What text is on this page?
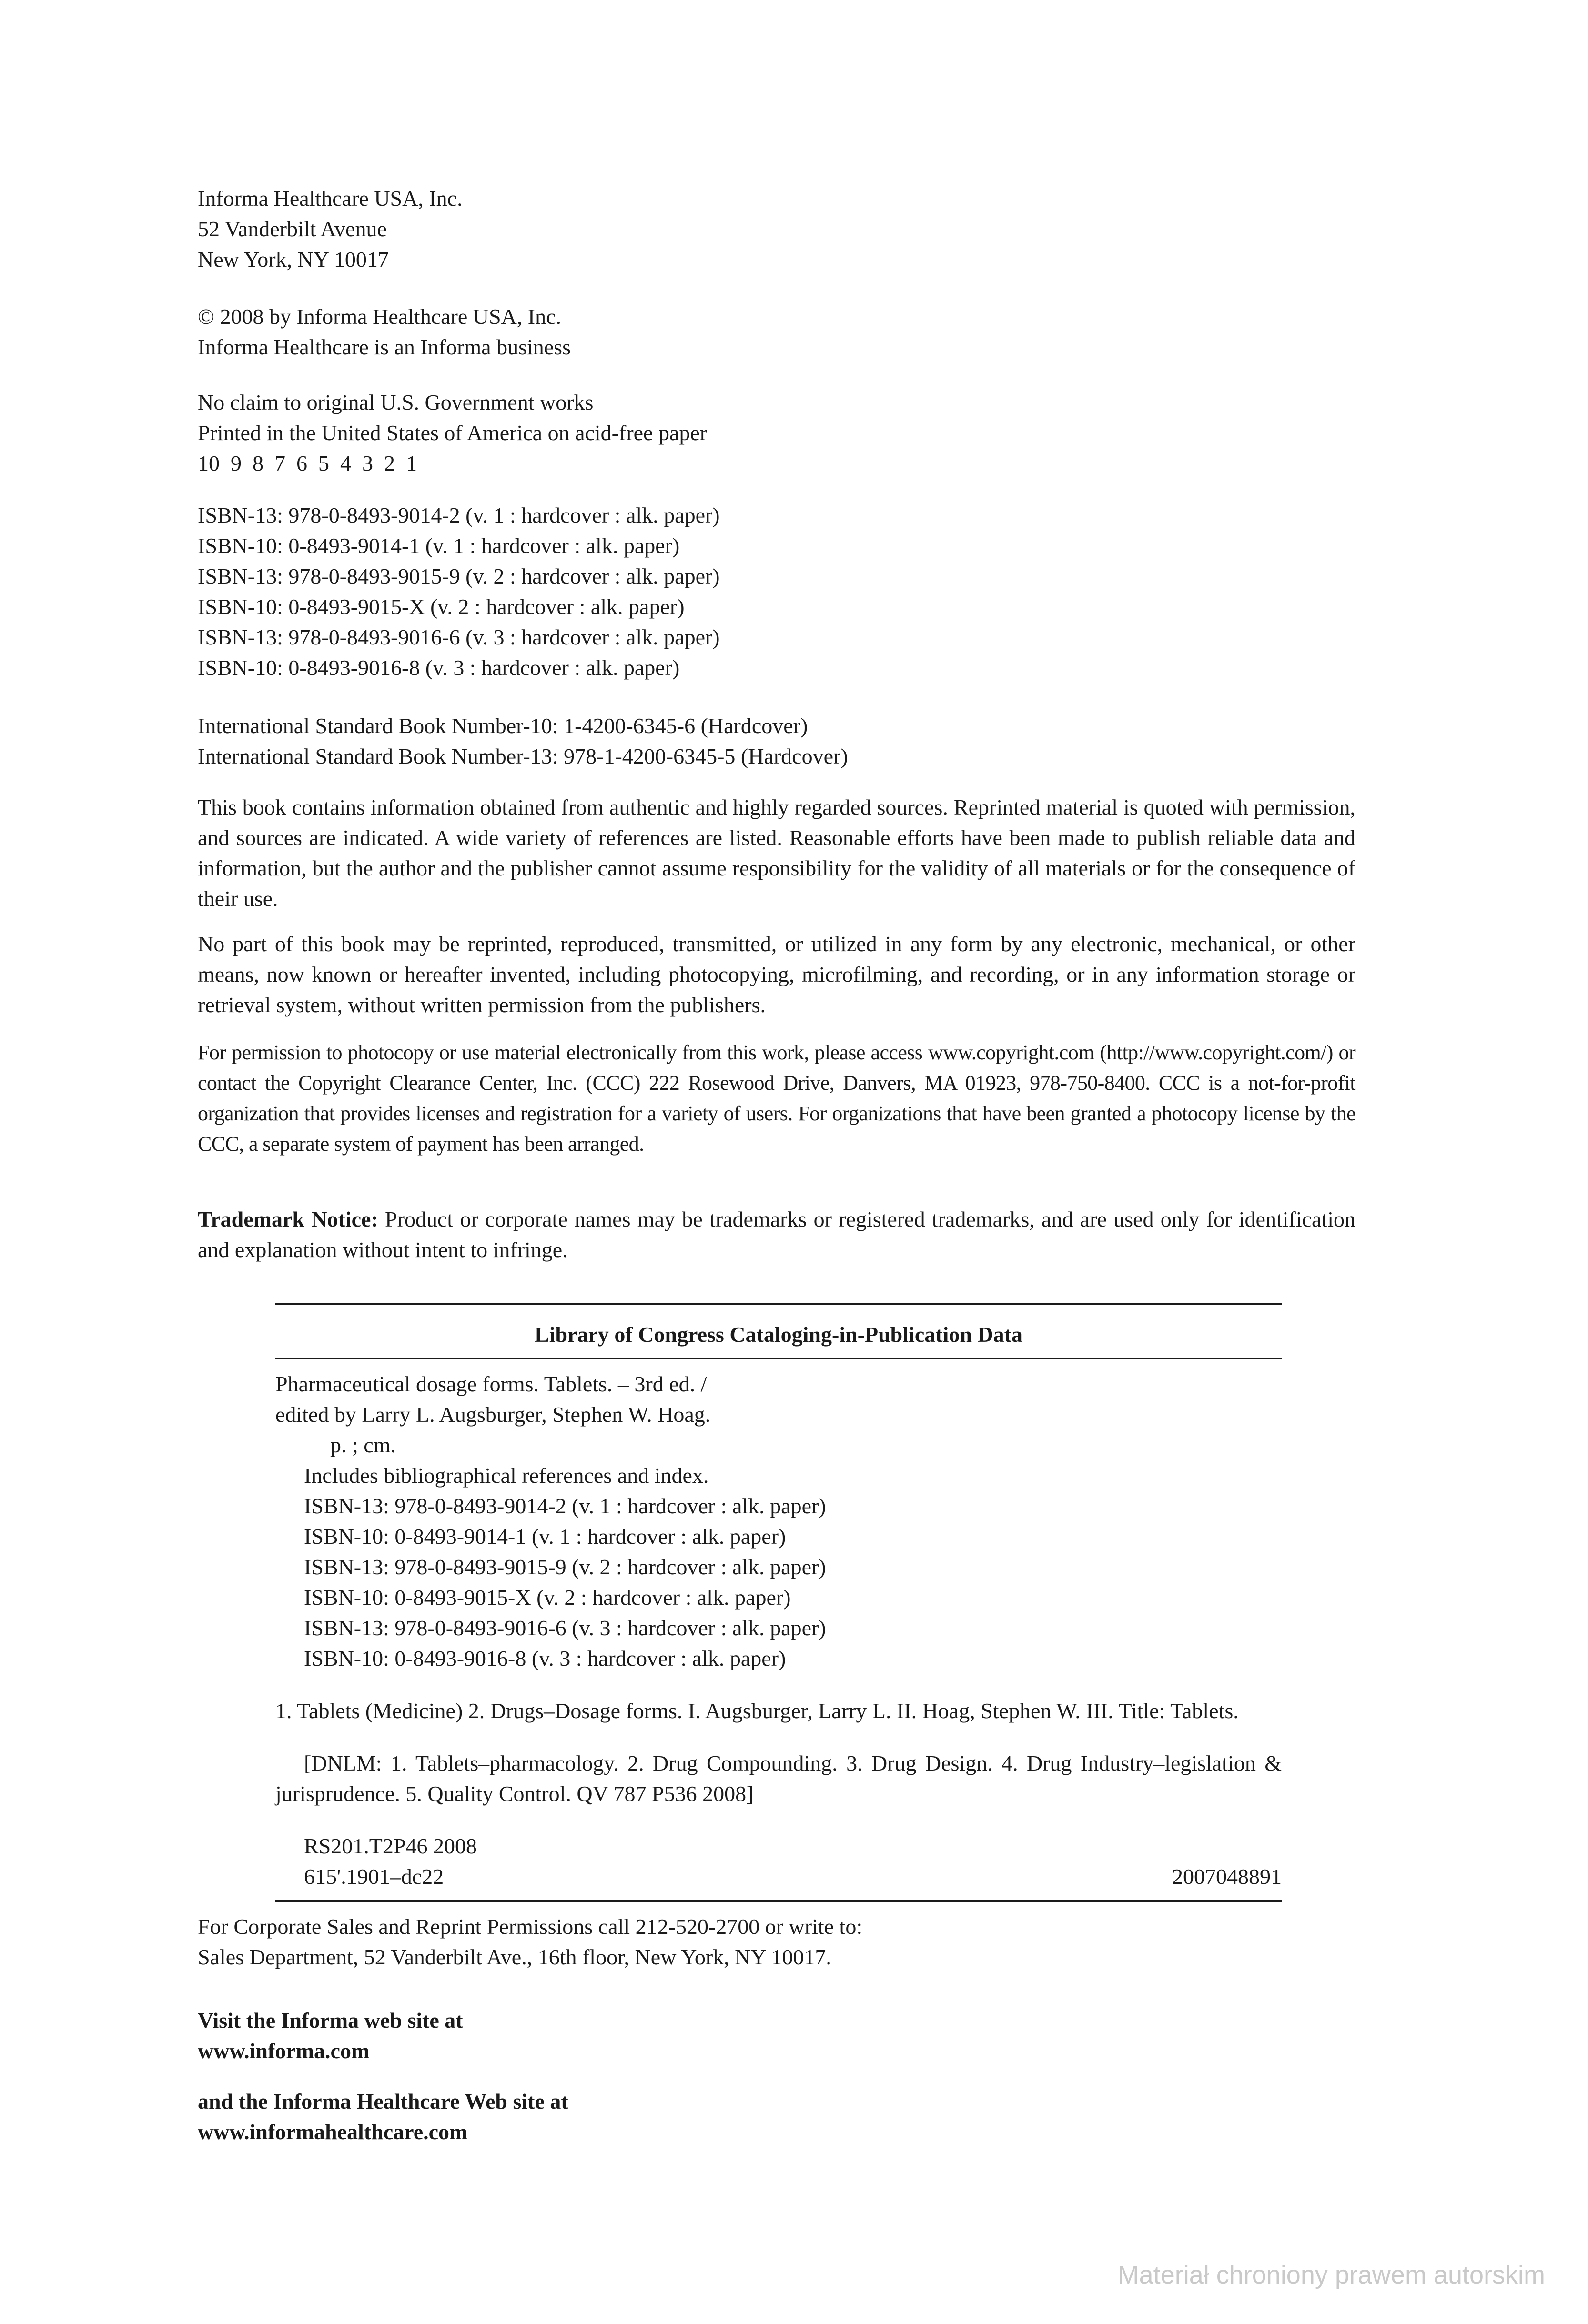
Informa Healthcare USA, Inc.
52 Vanderbilt Avenue
New York, NY 10017
© 2008 by Informa Healthcare USA, Inc.
Informa Healthcare is an Informa business
No claim to original U.S. Government works
Printed in the United States of America on acid-free paper
10  9  8  7  6  5  4  3  2  1
ISBN-13: 978-0-8493-9014-2 (v. 1 : hardcover : alk. paper)
ISBN-10: 0-8493-9014-1 (v. 1 : hardcover : alk. paper)
ISBN-13: 978-0-8493-9015-9 (v. 2 : hardcover : alk. paper)
ISBN-10: 0-8493-9015-X (v. 2 : hardcover : alk. paper)
ISBN-13: 978-0-8493-9016-6 (v. 3 : hardcover : alk. paper)
ISBN-10: 0-8493-9016-8 (v. 3 : hardcover : alk. paper)
International Standard Book Number-10: 1-4200-6345-6 (Hardcover)
International Standard Book Number-13: 978-1-4200-6345-5 (Hardcover)

This book contains information obtained from authentic and highly regarded sources. Reprinted material is quoted with permission, and sources are indicated. A wide variety of references are listed. Reasonable efforts have been made to publish reliable data and information, but the author and the publisher cannot assume responsibility for the validity of all materials or for the consequence of their use.

No part of this book may be reprinted, reproduced, transmitted, or utilized in any form by any electronic, mechanical, or other means, now known or hereafter invented, including photocopying, microfilming, and recording, or in any information storage or retrieval system, without written permission from the publishers.

For permission to photocopy or use material electronically from this work, please access www.copyright.com (http://www.copyright.com/) or contact the Copyright Clearance Center, Inc. (CCC) 222 Rosewood Drive, Danvers, MA 01923, 978-750-8400. CCC is a not-for-profit organization that provides licenses and registration for a variety of users. For organizations that have been granted a photocopy license by the CCC, a separate system of payment has been arranged.

Trademark Notice: Product or corporate names may be trademarks or registered trademarks, and are used only for identification and explanation without intent to infringe.

Library of Congress Cataloging-in-Publication Data
Pharmaceutical dosage forms. Tablets. – 3rd ed. /
edited by Larry L. Augsburger, Stephen W. Hoag.
p. ; cm.
Includes bibliographical references and index.
ISBN-13: 978-0-8493-9014-2 (v. 1 : hardcover : alk. paper)
ISBN-10: 0-8493-9014-1 (v. 1 : hardcover : alk. paper)
ISBN-13: 978-0-8493-9015-9 (v. 2 : hardcover : alk. paper)
ISBN-10: 0-8493-9015-X (v. 2 : hardcover : alk. paper)
ISBN-13: 978-0-8493-9016-6 (v. 3 : hardcover : alk. paper)
ISBN-10: 0-8493-9016-8 (v. 3 : hardcover : alk. paper)

1. Tablets (Medicine) 2. Drugs–Dosage forms. I. Augsburger, Larry L. II. Hoag, Stephen W. III. Title: Tablets.

[DNLM: 1. Tablets–pharmacology. 2. Drug Compounding. 3. Drug Design. 4. Drug Industry–legislation & jurisprudence. 5. Quality Control. QV 787 P536 2008]

RS201.T2P46 2008
615'.1901–dc22	2007048891
For Corporate Sales and Reprint Permissions call 212-520-2700 or write to:
Sales Department, 52 Vanderbilt Ave., 16th floor, New York, NY 10017.
Visit the Informa web site at
www.informa.com
and the Informa Healthcare Web site at
www.informahealthcare.com
Materiał chroniony prawem autorskim
